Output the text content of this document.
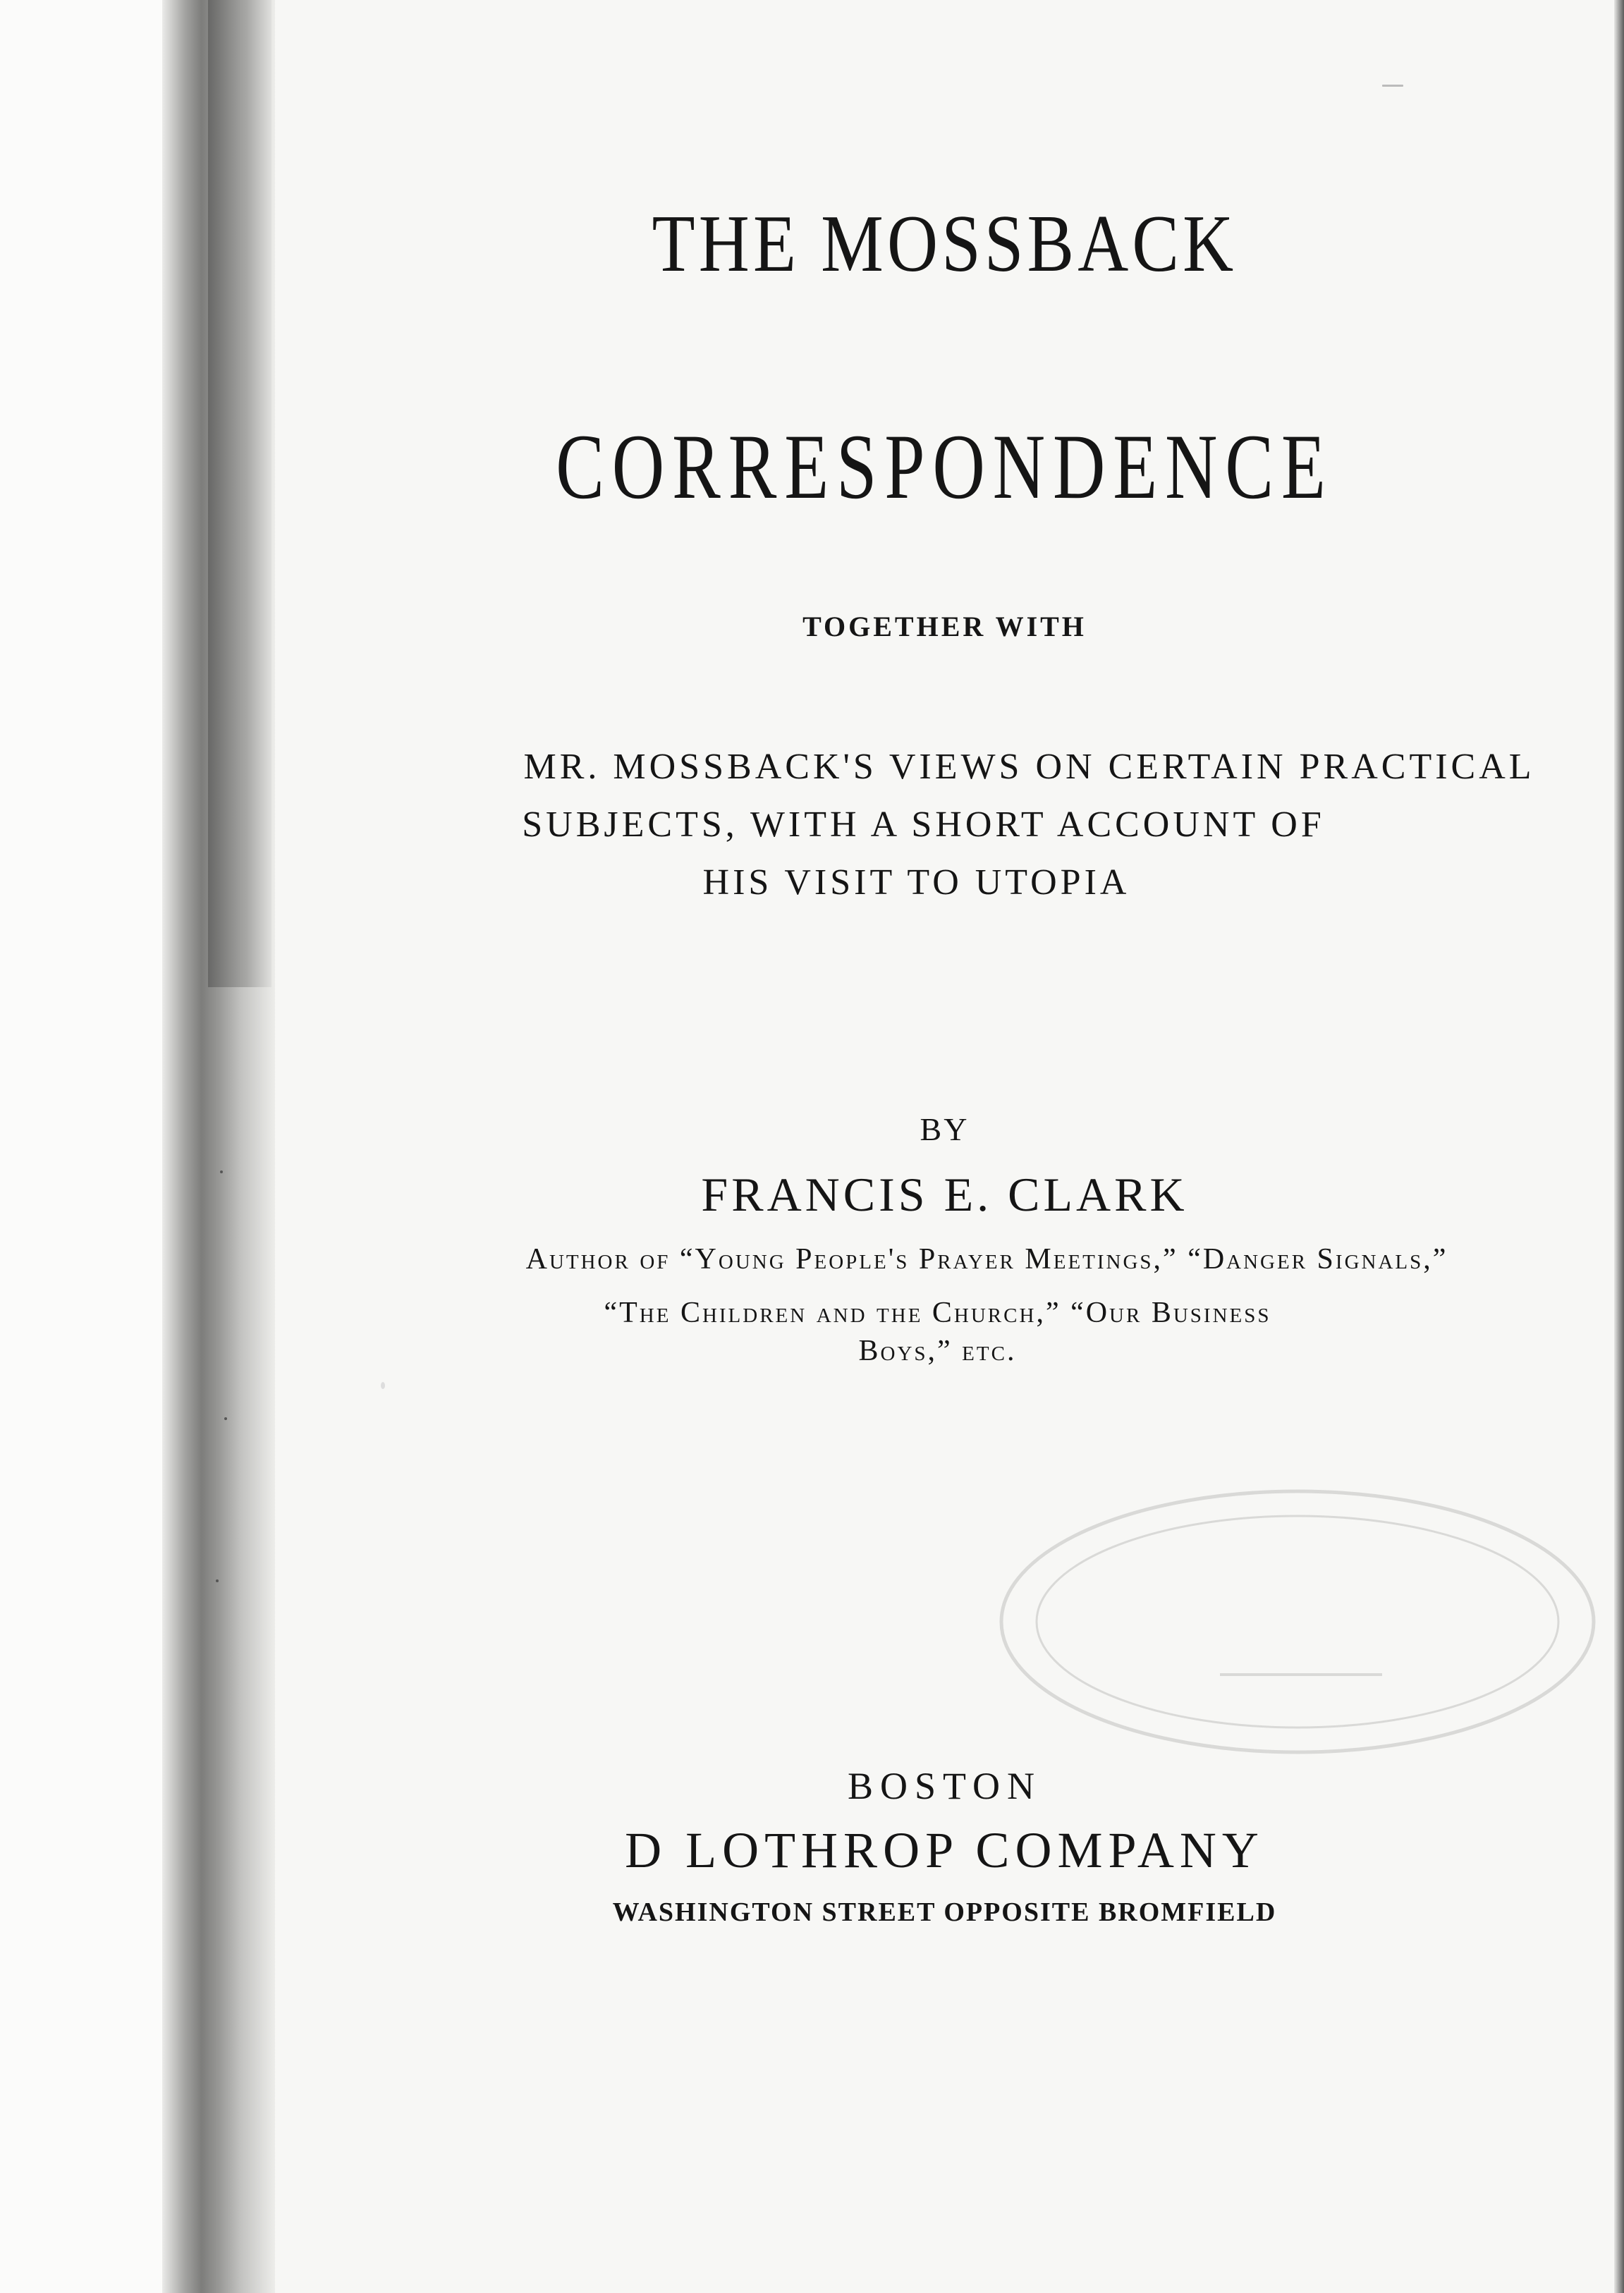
THE MOSSBACK
CORRESPONDENCE
TOGETHER WITH
MR. MOSSBACK'S VIEWS ON CERTAIN PRACTICAL
SUBJECTS, WITH A SHORT ACCOUNT OF
HIS VISIT TO UTOPIA
BY
FRANCIS E. CLARK
Author of “Young People's Prayer Meetings,” “Danger Signals,”
“The Children and the Church,” “Our Business
Boys,” etc.
BOSTON
D LOTHROP COMPANY
WASHINGTON STREET OPPOSITE BROMFIELD
